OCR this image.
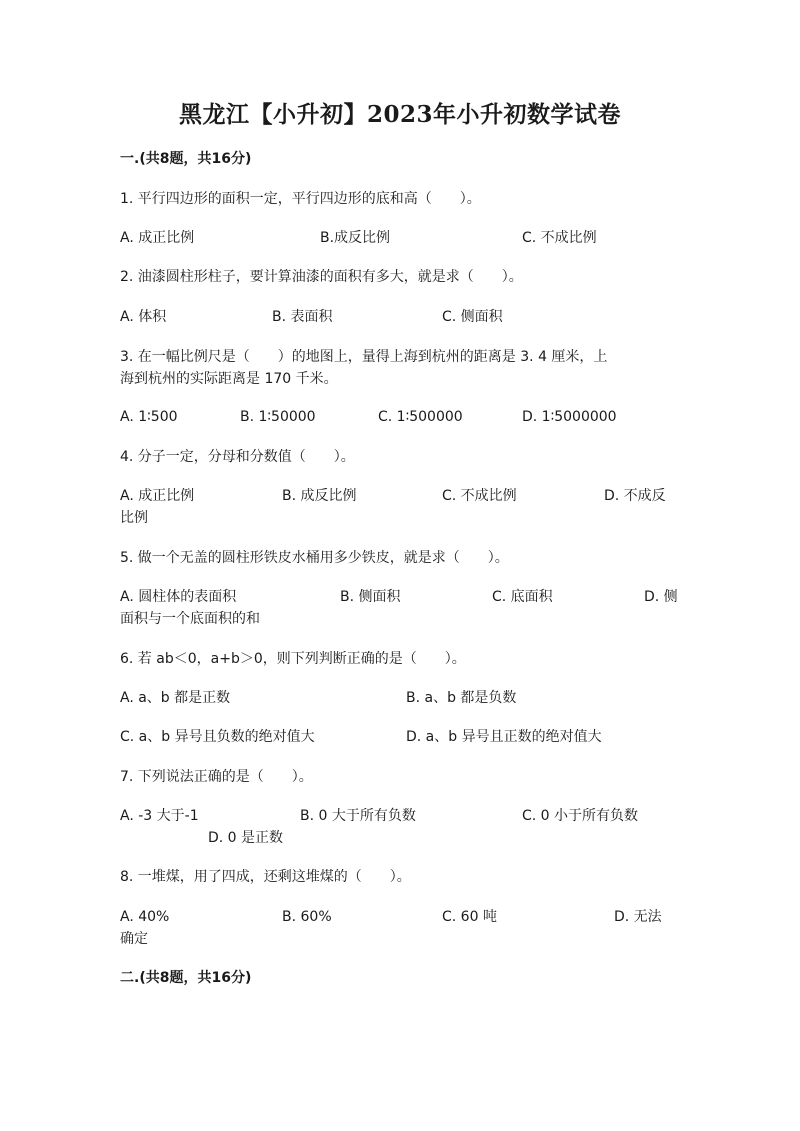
黑龙江【小升初】2023年小升初数学试卷
一.(共8题，共16分)
1. 平行四边形的面积一定，平行四边形的底和高（　　）。
A. 成正比例	B.成反比例	C. 不成比例
2. 油漆圆柱形柱子，要计算油漆的面积有多大，就是求（　　）。
A. 体积	B. 表面积	C. 侧面积
3. 在一幅比例尺是（　　）的地图上，量得上海到杭州的距离是 3. 4 厘米，上
海到杭州的实际距离是 170 千米。
A. 1∶500	B. 1∶50000	C. 1∶500000	D. 1∶5000000
4. 分子一定，分母和分数值（　　）。
A. 成正比例	B. 成反比例	C. 不成比例	D. 不成反
比例
5. 做一个无盖的圆柱形铁皮水桶用多少铁皮，就是求（　　）。
A. 圆柱体的表面积	B. 侧面积	C. 底面积	D. 侧
面积与一个底面积的和
6. 若 ab＜0，a+b＞0，则下列判断正确的是（　　）。
A. a、b 都是正数	B. a、b 都是负数
C. a、b 异号且负数的绝对值大	D. a、b 异号且正数的绝对值大
7. 下列说法正确的是（　　）。
A. -3 大于-1	B. 0 大于所有负数	C. 0 小于所有负数
D. 0 是正数
8. 一堆煤，用了四成，还剩这堆煤的（　　）。
A. 40%	B. 60%	C. 60 吨	D. 无法
确定
二.(共8题，共16分)
